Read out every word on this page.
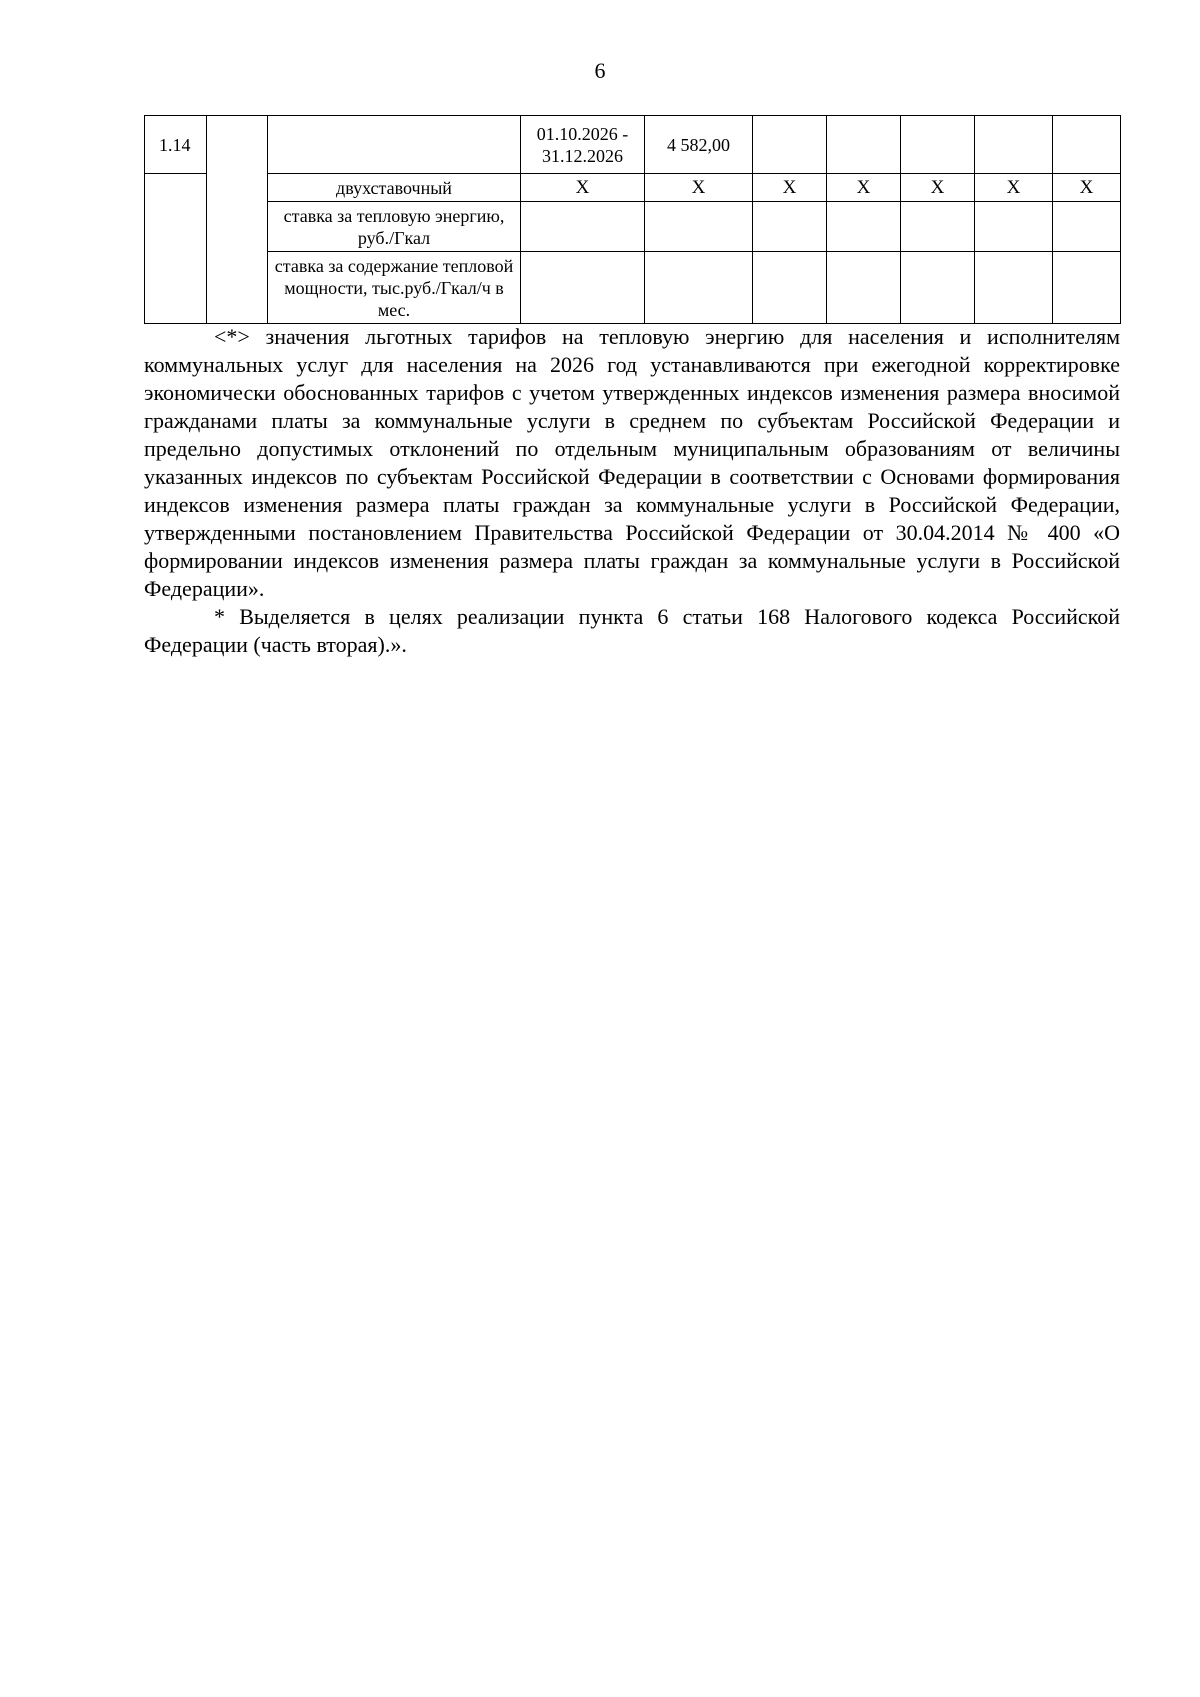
6
1.14			01.10.2026 - 31.12.2026	4 582,00					
		двухставочный	X	X	X	X	X	X	X
		ставка за тепловую энергию, руб./Гкал							
		ставка за содержание тепловой мощности, тыс.руб./Гкал/ч в мес.							

<*> значения льготных тарифов на тепловую энергию для населения и исполнителям коммунальных услуг для населения на 2026 год устанавливаются при ежегодной корректировке экономически обоснованных тарифов с учетом утвержденных индексов изменения размера вносимой гражданами платы за коммунальные услуги в среднем по субъектам Российской Федерации и предельно допустимых отклонений по отдельным муниципальным образованиям от величины указанных индексов по субъектам Российской Федерации в соответствии с Основами формирования индексов изменения размера платы граждан за коммунальные услуги в Российской Федерации, утвержденными постановлением Правительства Российской Федерации от 30.04.2014 № 400 «О формировании индексов изменения размера платы граждан за коммунальные услуги в Российской Федерации».

* Выделяется в целях реализации пункта 6 статьи 168 Налогового кодекса Российской Федерации (часть вторая).».
